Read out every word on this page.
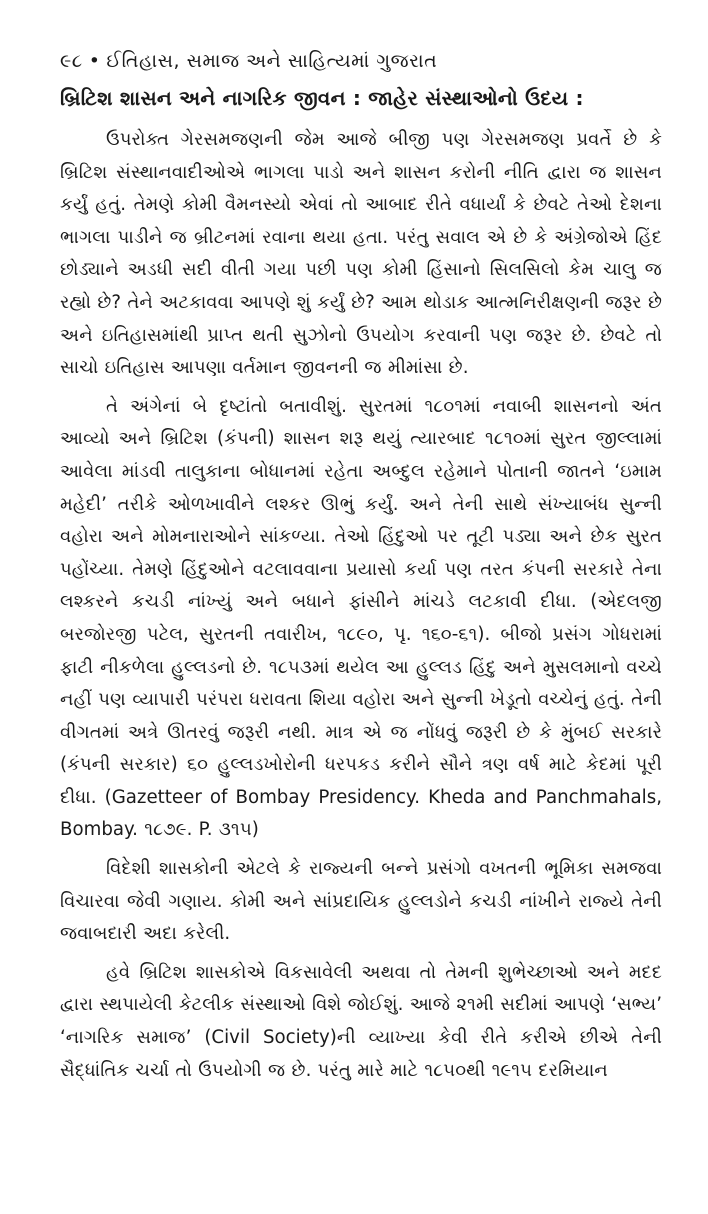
૯૮ • ઈતિહાસ, સમાજ અને સાહિત્યમાં ગુજરાત
બ્રિટિશ શાસન અને નાગરિક જીવન : જાહેર સંસ્થાઓનો ઉદય :

ઉપરોક્ત ગેરસમજણની જેમ આજે બીજી પણ ગેરસમજણ પ્રવર્તે છે કે બ્રિટિશ સંસ્થાનવાદીઓએ ભાગલા પાડો અને શાસન કરોની નીતિ દ્વારા જ શાસન કર્યું હતું. તેમણે કોમી વૈમનસ્યો એવાં તો આબાદ રીતે વધાર્યાં કે છેવટે તેઓ દેશના ભાગલા પાડીને જ બ્રીટનમાં રવાના થયા હતા. પરંતુ સવાલ એ છે કે અંગ્રેજોએ હિંદ છોડ્યાને અડધી સદી વીતી ગયા પછી પણ કોમી હિંસાનો સિલસિલો કેમ ચાલુ જ રહ્યો છે? તેને અટકાવવા આપણે શું કર્યું છે? આમ થોડાક આત્મનિરીક્ષણની જરૂર છે અને ઇતિહાસમાંથી પ્રાપ્ત થતી સુઝોનો ઉપયોગ કરવાની પણ જરૂર છે. છેવટે તો સાચો ઇતિહાસ આપણા વર્તમાન જીવનની જ મીમાંસા છે.

તે અંગેનાં બે દૃષ્ટાંતો બતાવીશું. સુરતમાં ૧૮૦૧માં નવાબી શાસનનો અંત આવ્યો અને બ્રિટિશ (કંપની) શાસન શરૂ થયું ત્યારબાદ ૧૮૧૦માં સુરત જીલ્લામાં આવેલા માંડવી તાલુકાના બોધાનમાં રહેતા અબ્દુલ રહેમાને પોતાની જાતને ‘ઇમામ મહેદી’ તરીકે ઓળખાવીને લશ્કર ઊભું કર્યું. અને તેની સાથે સંખ્યાબંધ સુન્ની વહોરા અને મોમનારાઓને સાંકળ્યા. તેઓ હિંદુઓ પર તૂટી પડ્યા અને છેક સુરત પહોંચ્યા. તેમણે હિંદુઓને વટલાવવાના પ્રયાસો કર્યા પણ તરત કંપની સરકારે તેના લશ્કરને કચડી નાંખ્યું અને બધાને ફાંસીને માંચડે લટકાવી દીધા. (એદલજી બરજોરજી પટેલ, સુરતની તવારીખ, ૧૮૯૦, પૃ. ૧૬૦-૬૧). બીજો પ્રસંગ ગોધરામાં ફાટી નીકળેલા હુલ્લડનો છે. ૧૮૫૩માં થયેલ આ હુલ્લડ હિંદુ અને મુસલમાનો વચ્ચે નહીં પણ વ્યાપારી પરંપરા ધરાવતા શિયા વહોરા અને સુન્ની ખેડૂતો વચ્ચેનું હતું. તેની વીગતમાં અત્રે ઊતરવું જરૂરી નથી. માત્ર એ જ નોંધવું જરૂરી છે કે મુંબઈ સરકારે (કંપની સરકાર) ૬૦ હુલ્લડખોરોની ધરપકડ કરીને સૌને ત્રણ વર્ષ માટે કેદમાં પૂરી દીધા. (Gazetteer of Bombay Presidency. Kheda and Panchmahals, Bombay. ૧૮૭૯. P. ૩૧૫)

વિદેશી શાસકોની એટલે કે રાજ્યની બન્ને પ્રસંગો વખતની ભૂમિકા સમજવા વિચારવા જેવી ગણાય. કોમી અને સાંપ્રદાયિક હુલ્લડોને કચડી નાંખીને રાજ્યે તેની જવાબદારી અદા કરેલી.

હવે બ્રિટિશ શાસકોએ વિકસાવેલી અથવા તો તેમની શુભેચ્છાઓ અને મદદ દ્વારા સ્થપાયેલી કેટલીક સંસ્થાઓ વિશે જોઈશું. આજે ૨૧મી સદીમાં આપણે ‘સભ્ય’ ‘નાગરિક સમાજ’ (Civil Society)ની વ્યાખ્યા કેવી રીતે કરીએ છીએ તેની સૈદ્ધાંતિક ચર્ચા તો ઉપયોગી જ છે. પરંતુ મારે માટે ૧૮૫૦થી ૧૯૧૫ દરમિયાન
